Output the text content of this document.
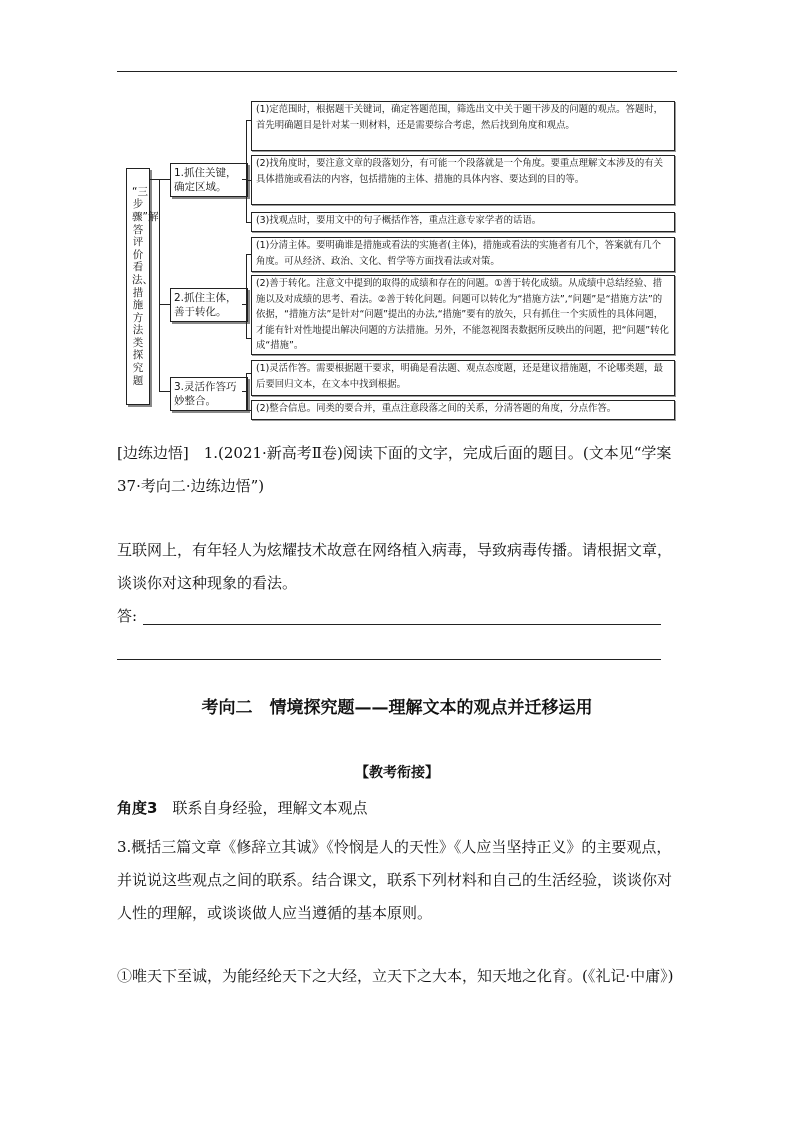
“三步骤”解答评价看法、措施方法类探究题
1.抓住关键，确定区域。
(1)定范围时，根据题干关键词，确定答题范围，筛选出文中关于题干涉及的问题的观点。答题时，首先明确题目是针对某一则材料，还是需要综合考虑，然后找到角度和观点。
(2)找角度时，要注意文章的段落划分，有可能一个段落就是一个角度。要重点理解文本涉及的有关具体措施或看法的内容，包括措施的主体、措施的具体内容、要达到的目的等。
(3)找观点时，要用文中的句子概括作答，重点注意专家学者的话语。
2.抓住主体，善于转化。
(1)分清主体。要明确谁是措施或看法的实施者(主体)，措施或看法的实施者有几个，答案就有几个角度。可从经济、政治、文化、哲学等方面找看法或对策。
(2)善于转化。注意文中提到的取得的成绩和存在的问题。①善于转化成绩。从成绩中总结经验、措施以及对成绩的思考、看法。②善于转化问题。问题可以转化为“措施方法”,“问题”是“措施方法”的依据，“措施方法”是针对“问题”提出的办法,“措施”要有的放矢，只有抓住一个实质性的具体问题，才能有针对性地提出解决问题的方法措施。另外，不能忽视图表数据所反映出的问题，把“问题”转化成“措施”。
3.灵活作答巧妙整合。
(1)灵活作答。需要根据题干要求，明确是看法题、观点态度题，还是建议措施题，不论哪类题，最后要回归文本，在文本中找到根据。
(2)整合信息。同类的要合并，重点注意段落之间的关系，分清答题的角度，分点作答。

[边练边悟]　1.(2021·新高考Ⅱ卷)阅读下面的文字，完成后面的题目。(文本见“学案37·考向二·边练边悟”)

互联网上，有年轻人为炫耀技术故意在网络植入病毒，导致病毒传播。请根据文章，谈谈你对这种现象的看法。

答:

考向二　情境探究题——理解文本的观点并迁移运用
【教考衔接】
角度3　 联系自身经验，理解文本观点

3.概括三篇文章《修辞立其诚》《怜悯是人的天性》《人应当坚持正义》的主要观点，并说说这些观点之间的联系。结合课文，联系下列材料和自己的生活经验，谈谈你对人性的理解，或谈谈做人应当遵循的基本原则。

①唯天下至诚，为能经纶天下之大经，立天下之大本，知天地之化育。(《礼记·中庸》)
